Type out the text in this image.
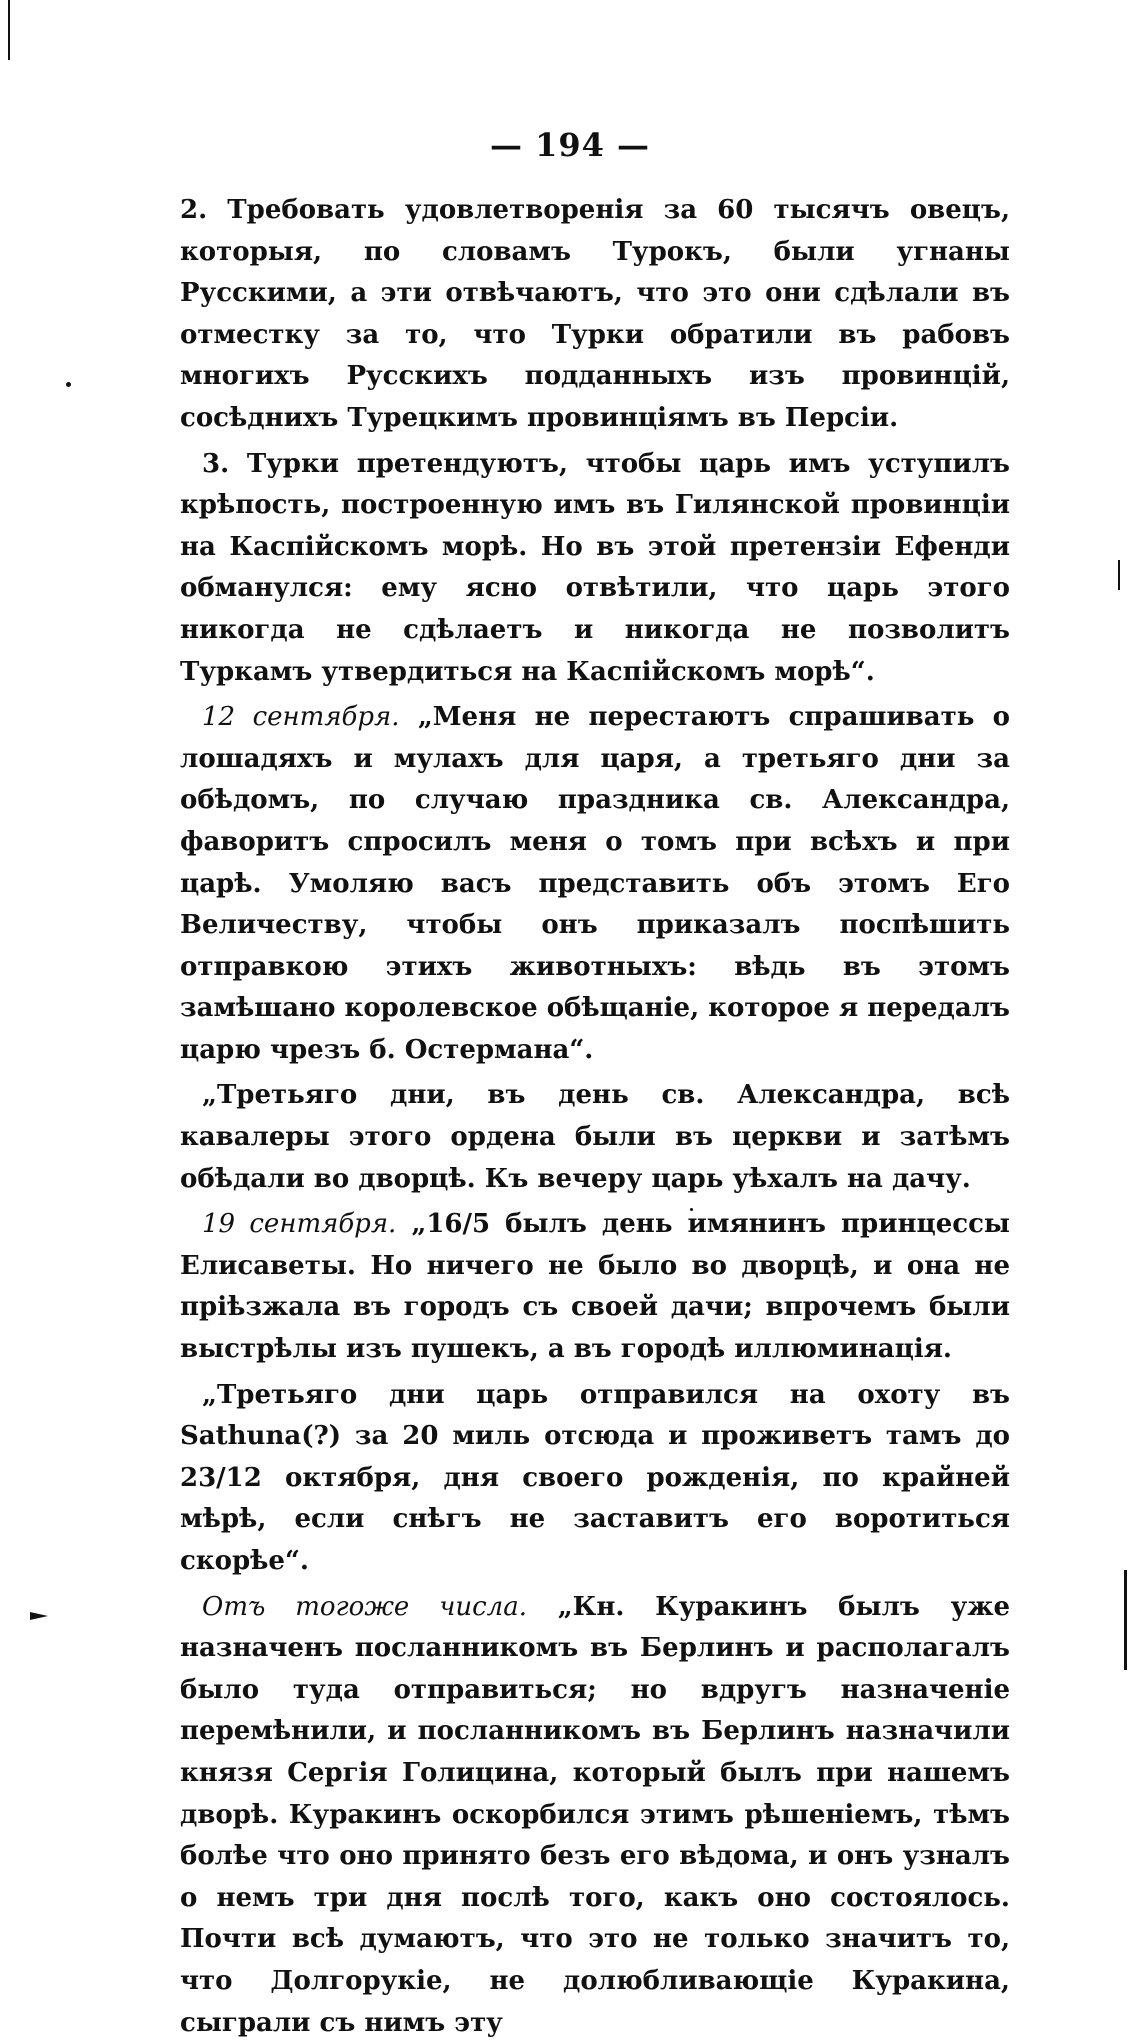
— 194 —

2. Требовать удовлетворенія за 60 тысячъ овецъ, которыя, по словамъ Турокъ, были угнаны Русскими, а эти отвѣчаютъ, что это они сдѣлали въ отместку за то, что Турки обратили въ рабовъ многихъ Русскихъ подданныхъ изъ провинцій, сосѣднихъ Турецкимъ провинціямъ въ Персіи.

3. Турки претендуютъ, чтобы царь имъ уступилъ крѣпость, построенную имъ въ Гилянской провинціи на Каспійскомъ морѣ. Но въ этой претензіи Ефенди обманулся: ему ясно отвѣтили, что царь этого никогда не сдѣлаетъ и никогда не позволитъ Туркамъ утвердиться на Каспійскомъ морѣ“.

12 сентября. „Меня не перестаютъ спрашивать о лошадяхъ и мулахъ для царя, а третьяго дни за обѣдомъ, по случаю праздника св. Александра, фаворитъ спросилъ меня о томъ при всѣхъ и при царѣ. Умоляю васъ представить объ этомъ Его Величеству, чтобы онъ приказалъ поспѣшить отправкою этихъ животныхъ: вѣдь въ этомъ замѣшано королевское обѣщаніе, которое я передалъ царю чрезъ б. Остермана“.

„Третьяго дни, въ день св. Александра, всѣ кавалеры этого ордена были въ церкви и затѣмъ обѣдали во дворцѣ. Къ вечеру царь уѣхалъ на дачу.

19 сентября. „16/5 былъ день имянинъ принцессы Елисаветы. Но ничего не было во дворцѣ, и она не пріѣзжала въ городъ съ своей дачи; впрочемъ были выстрѣлы изъ пушекъ, а въ городѣ иллюминація.

„Третьяго дни царь отправился на охоту въ Sathuna(?) за 20 миль отсюда и проживетъ тамъ до 23/12 октября, дня своего рожденія, по крайней мѣрѣ, если снѣгъ не заставитъ его воротиться скорѣе“.

Отъ тогоже числа. „Кн. Куракинъ былъ уже назначенъ посланникомъ въ Берлинъ и располагалъ было туда отправиться; но вдругъ назначеніе перемѣнили, и посланникомъ въ Берлинъ назначили князя Сергія Голицина, который былъ при нашемъ дворѣ. Куракинъ оскорбился этимъ рѣшеніемъ, тѣмъ болѣе что оно принято безъ его вѣдома, и онъ узналъ о немъ три дня послѣ того, какъ оно состоялось. Почти всѣ думаютъ, что это не только значитъ то, что Долгорукіе, не долюбливающіе Куракина, сыграли съ нимъ эту
